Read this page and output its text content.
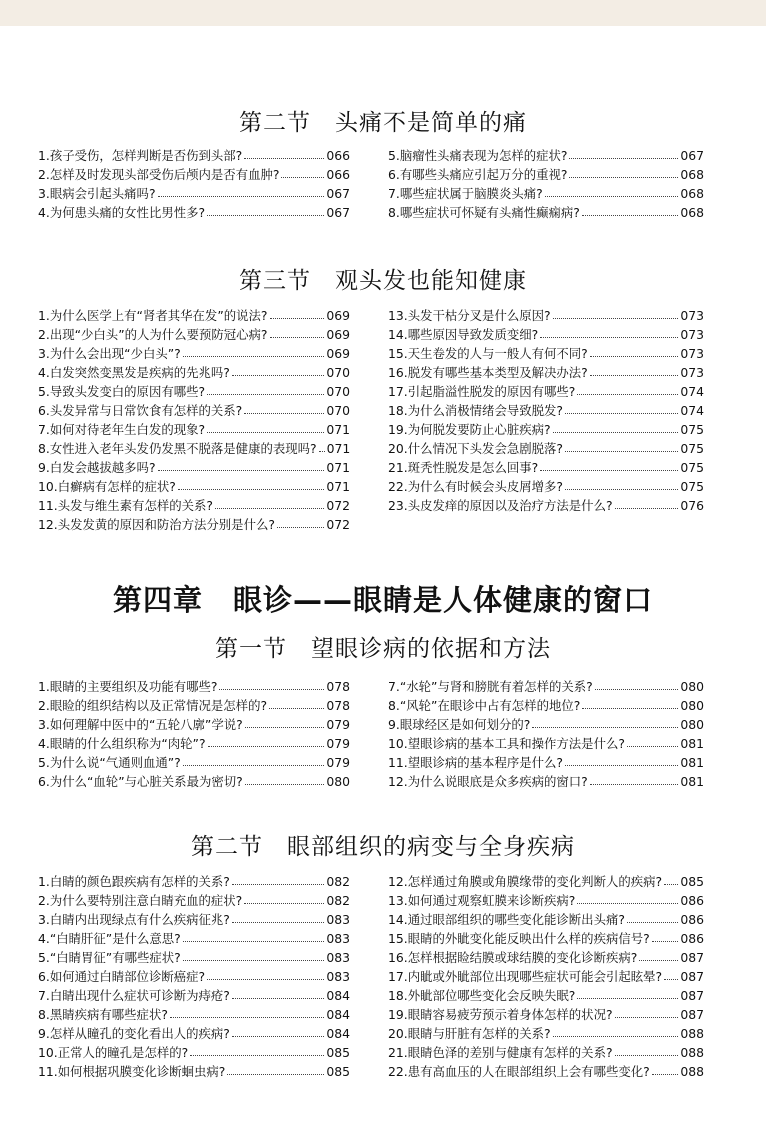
第二节　头痛不是简单的痛
1.孩子受伤，怎样判断是否伤到头部?	066
2.怎样及时发现头部受伤后颅内是否有血肿?	066
3.眼病会引起头痛吗?	067
4.为何患头痛的女性比男性多?	067
5.脑瘤性头痛表现为怎样的症状?	067
6.有哪些头痛应引起万分的重视?	068
7.哪些症状属于脑膜炎头痛?	068
8.哪些症状可怀疑有头痛性癫痫病?	068
第三节　观头发也能知健康
1.为什么医学上有“肾者其华在发”的说法?	069
2.出现“少白头”的人为什么要预防冠心病?	069
3.为什么会出现“少白头”?	069
4.白发突然变黑发是疾病的先兆吗?	070
5.导致头发变白的原因有哪些?	070
6.头发异常与日常饮食有怎样的关系?	070
7.如何对待老年生白发的现象?	071
8.女性进入老年头发仍发黑不脱落是健康的表现吗? 071
9.白发会越拔越多吗?	071
10.白癣病有怎样的症状?	071
11.头发与维生素有怎样的关系?	072
12.头发发黄的原因和防治方法分别是什么?	072
13.头发干枯分叉是什么原因?	073
14.哪些原因导致发质变细?	073
15.天生卷发的人与一般人有何不同?	073
16.脱发有哪些基本类型及解决办法?	073
17.引起脂溢性脱发的原因有哪些?	074
18.为什么消极情绪会导致脱发?	074
19.为何脱发要防止心脏疾病?	075
20.什么情况下头发会急剧脱落?	075
21.斑秃性脱发是怎么回事?	075
22.为什么有时候会头皮屑增多?	075
23.头皮发痒的原因以及治疗方法是什么?	076
第四章　眼诊——眼睛是人体健康的窗口
第一节　望眼诊病的依据和方法
1.眼睛的主要组织及功能有哪些?	078
2.眼睑的组织结构以及正常情况是怎样的?	078
3.如何理解中医中的“五轮八廓”学说?	079
4.眼睛的什么组织称为“肉轮”?	079
5.为什么说“气通则血通”?	079
6.为什么“血轮”与心脏关系最为密切?	080
7.“水轮”与肾和膀胱有着怎样的关系?	080
8.“风轮”在眼诊中占有怎样的地位?	080
9.眼球经区是如何划分的?	080
10.望眼诊病的基本工具和操作方法是什么?	081
11.望眼诊病的基本程序是什么?	081
12.为什么说眼底是众多疾病的窗口?	081
第二节　眼部组织的病变与全身疾病
1.白睛的颜色跟疾病有怎样的关系?	082
2.为什么要特别注意白睛充血的症状?	082
3.白睛内出现绿点有什么疾病征兆?	083
4.“白睛肝征”是什么意思?	083
5.“白睛胃征”有哪些症状?	083
6.如何通过白睛部位诊断癌症?	083
7.白睛出现什么症状可诊断为痔疮?	084
8.黑睛疾病有哪些症状?	084
9.怎样从瞳孔的变化看出人的疾病?	084
10.正常人的瞳孔是怎样的?	085
11.如何根据巩膜变化诊断蛔虫病?	085
12.怎样通过角膜或角膜缘带的变化判断人的疾病? 085
13.如何通过观察虹膜来诊断疾病?	086
14.通过眼部组织的哪些变化能诊断出头痛?	086
15.眼睛的外眦变化能反映出什么样的疾病信号? 086
16.怎样根据睑结膜或球结膜的变化诊断疾病?	087
17.内眦或外眦部位出现哪些症状可能会引起眩晕? 087
18.外眦部位哪些变化会反映失眠?	087
19.眼睛容易疲劳预示着身体怎样的状况?	087
20.眼睛与肝脏有怎样的关系?	088
21.眼睛色泽的差别与健康有怎样的关系?	088
22.患有高血压的人在眼部组织上会有哪些变化? 088
